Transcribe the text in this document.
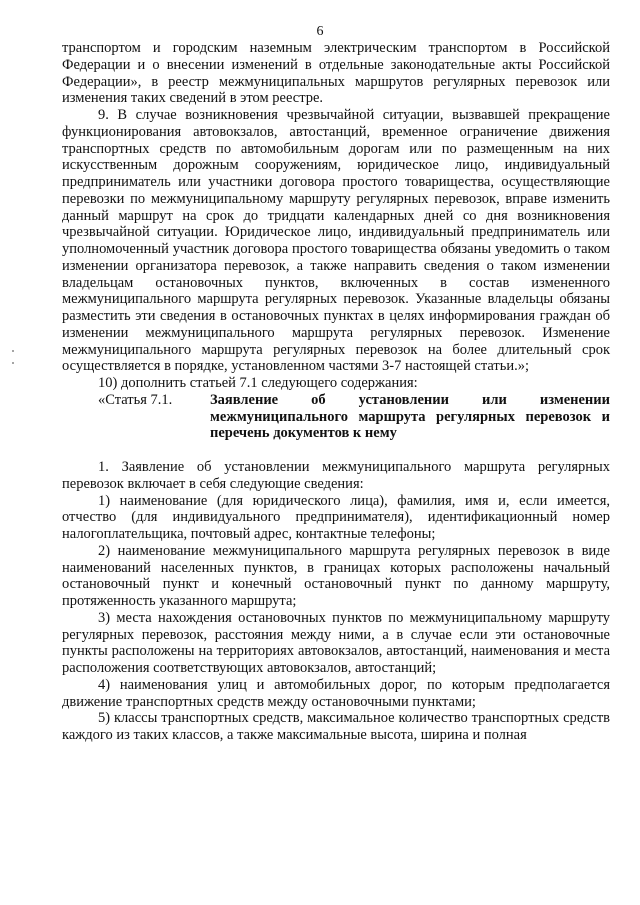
6

транспортом и городским наземным электрическим транспортом в Российской Федерации и о внесении изменений в отдельные законодательные акты Российской Федерации», в реестр межмуниципальных маршрутов регулярных перевозок или изменения таких сведений в этом реестре.

9. В случае возникновения чрезвычайной ситуации, вызвавшей прекращение функционирования автовокзалов, автостанций, временное ограничение движения транспортных средств по автомобильным дорогам или по размещенным на них искусственным дорожным сооружениям, юридическое лицо, индивидуальный предприниматель или участники договора простого товарищества, осуществляющие перевозки по межмуниципальному маршруту регулярных перевозок, вправе изменить данный маршрут на срок до тридцати календарных дней со дня возникновения чрезвычайной ситуации. Юридическое лицо, индивидуальный предприниматель или уполномоченный участник договора простого товарищества обязаны уведомить о таком изменении организатора перевозок, а также направить сведения о таком изменении владельцам остановочных пунктов, включенных в состав измененного межмуниципального маршрута регулярных перевозок. Указанные владельцы обязаны разместить эти сведения в остановочных пунктах в целях информирования граждан об изменении межмуниципального маршрута регулярных перевозок. Изменение межмуниципального маршрута регулярных перевозок на более длительный срок осуществляется в порядке, установленном частями 3-7 настоящей статьи.»;

10) дополнить статьей 7.1 следующего содержания:

«Статья 7.1.	Заявление об установлении или изменении межмуниципального маршрута регулярных перевозок и перечень документов к нему

1. Заявление об установлении межмуниципального маршрута регулярных перевозок включает в себя следующие сведения:

1) наименование (для юридического лица), фамилия, имя и, если имеется, отчество (для индивидуального предпринимателя), идентификационный номер налогоплательщика, почтовый адрес, контактные телефоны;

2) наименование межмуниципального маршрута регулярных перевозок в виде наименований населенных пунктов, в границах которых расположены начальный остановочный пункт и конечный остановочный пункт по данному маршруту, протяженность указанного маршрута;

3) места нахождения остановочных пунктов по межмуниципальному маршруту регулярных перевозок, расстояния между ними, а в случае если эти остановочные пункты расположены на территориях автовокзалов, автостанций, наименования и места расположения соответствующих автовокзалов, автостанций;

4) наименования улиц и автомобильных дорог, по которым предполагается движение транспортных средств между остановочными пунктами;

5) классы транспортных средств, максимальное количество транспортных средств каждого из таких классов, а также максимальные высота, ширина и полная
